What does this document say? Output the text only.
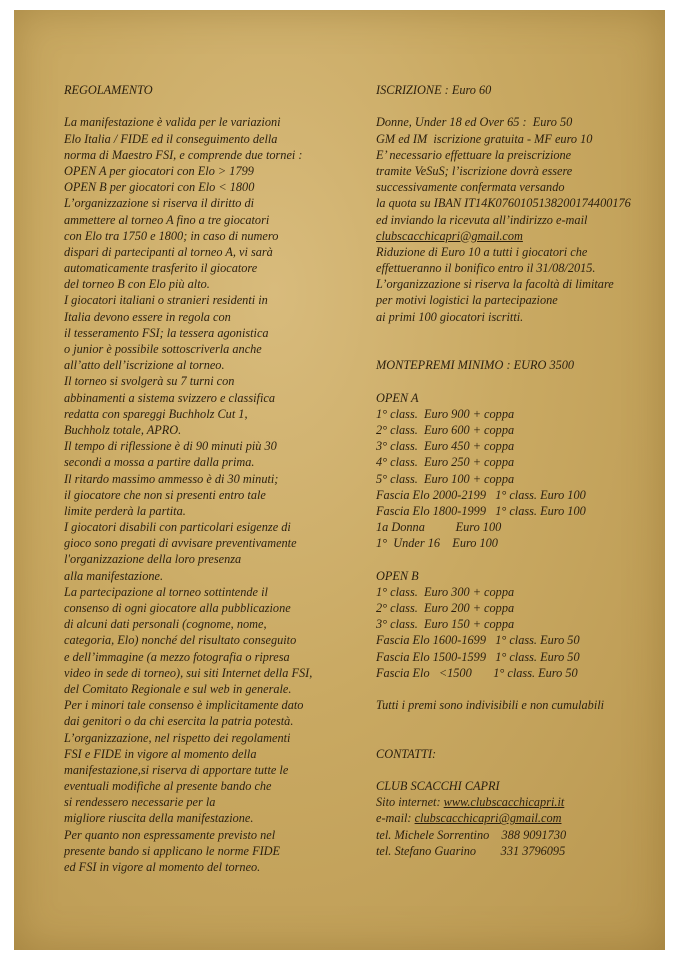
REGOLAMENTO
La manifestazione è valida per le variazioni
Elo Italia / FIDE ed il conseguimento della
norma di Maestro FSI, e comprende due tornei :
OPEN A per giocatori con Elo > 1799
OPEN B per giocatori con Elo < 1800
L’organizzazione si riserva il diritto di
ammettere al torneo A fino a tre giocatori
con Elo tra 1750 e 1800; in caso di numero
dispari di partecipanti al torneo A, vi sarà
automaticamente trasferito il giocatore
del torneo B con Elo più alto.
I giocatori italiani o stranieri residenti in
Italia devono essere in regola con
il tesseramento FSI; la tessera agonistica
o junior è possibile sottoscriverla anche
all’atto dell’iscrizione al torneo.
Il torneo si svolgerà su 7 turni con
abbinamenti a sistema svizzero e classifica
redatta con spareggi Buchholz Cut 1,
Buchholz totale, APRO.
Il tempo di riflessione è di 90 minuti più 30
secondi a mossa a partire dalla prima.
Il ritardo massimo ammesso è di 30 minuti;
il giocatore che non si presenti entro tale
limite perderà la partita.
I giocatori disabili con particolari esigenze di
gioco sono pregati di avvisare preventivamente
l'organizzazione della loro presenza
alla manifestazione.
La partecipazione al torneo sottintende il
consenso di ogni giocatore alla pubblicazione
di alcuni dati personali (cognome, nome,
categoria, Elo) nonché del risultato conseguito
e dell’immagine (a mezzo fotografia o ripresa
video in sede di torneo), sui siti Internet della FSI,
del Comitato Regionale e sul web in generale.
Per i minori tale consenso è implicitamente dato
dai genitori o da chi esercita la patria potestà.
L’organizzazione, nel rispetto dei regolamenti
FSI e FIDE in vigore al momento della
manifestazione,si riserva di apportare tutte le
eventuali modifiche al presente bando che
si rendessero necessarie per la
migliore riuscita della manifestazione.
Per quanto non espressamente previsto nel
presente bando si applicano le norme FIDE
ed FSI in vigore al momento del torneo.
ISCRIZIONE : Euro 60
Donne, Under 18 ed Over 65 :  Euro 50
GM ed IM  iscrizione gratuita - MF euro 10
E’ necessario effettuare la preiscrizione
tramite VeSuS; l’iscrizione dovrà essere
successivamente confermata versando
la quota su IBAN IT14K0760105138200174400176
ed inviando la ricevuta all’indirizzo e-mail
clubscacchicapri@gmail.com
Riduzione di Euro 10 a tutti i giocatori che
effettueranno il bonifico entro il 31/08/2015.
L’organizzazione si riserva la facoltà di limitare
per motivi logistici la partecipazione
ai primi 100 giocatori iscritti.
MONTEPREMI MINIMO : EURO 3500
OPEN A
1° class.  Euro 900 + coppa
2° class.  Euro 600 + coppa
3° class.  Euro 450 + coppa
4° class.  Euro 250 + coppa
5° class.  Euro 100 + coppa
Fascia Elo 2000-2199   1° class. Euro 100
Fascia Elo 1800-1999   1° class. Euro 100
1a Donna          Euro 100
1°  Under 16    Euro 100
OPEN B
1° class.  Euro 300 + coppa
2° class.  Euro 200 + coppa
3° class.  Euro 150 + coppa
Fascia Elo 1600-1699   1° class. Euro 50
Fascia Elo 1500-1599   1° class. Euro 50
Fascia Elo   <1500       1° class. Euro 50
Tutti i premi sono indivisibili e non cumulabili
CONTATTI:
CLUB SCACCHI CAPRI
Sito internet: www.clubscacchicapri.it
e-mail: clubscacchicapri@gmail.com
tel. Michele Sorrentino    388 9091730
tel. Stefano Guarino        331 3796095
